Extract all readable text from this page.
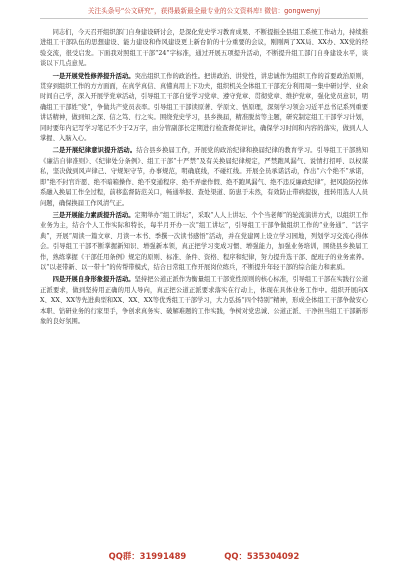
关注头条号“公文研究”，获得最新最全最专业的公文资料库! 微信：gongwenyj

同志们，今天召开组织部门自身建设研讨会，是深化党史学习教育成果、不断提振全县组工系统工作动力，持续推进组工干部队伍的思想建设、能力建设和作风建设更上新台阶的十分重要的会议，刚刚两了XX局、XX办、XX党的经验交流，很受启发。下面我对照组工干部“24”字标准，通过开展五项提升活动，不断提升组工部门自身建设水平，谈谈以下几点意见。

一是开展党性修养提升活动。突出组织工作的政治性。把讲政治、讲党性，讲忠诚作为组织工作的首要政治原则，贯穿到组织工作的方方面面，在真学真信、真懂真用上下功夫，组织机关全体组工干部充分利用周一集中研讨学、业余时间自己学，深入开展学党章活动，引导组工干部自觉学习党章、遵守党章、贯彻党章、维护党章，强化党员意识，明确组工干部姓“党”，争做共产党员表率。引导组工干部读原著、学原文、悟原理，深刻学习领会习近平总书记系列重要讲话精神，做到知之深、信之笃、行之实。围绕党史学习，县乡换届，精准脱贫等主题，研究制定组工干部学习计划，同时要年内记写学习笔记不少于2万字，由分管副部长定期进行检查督促评比，确保学习时间和内容的落实，做到人人掌握、入脑入心。

二是开展纪律意识提升活动。结合县乡换届工作，开展党的政治纪律和换届纪律的教育学习。引导组工干部熟知《廉洁自律准则》、《纪律处分条例》、组工干部“十严禁”及有关换届纪律规定，严禁跑风漏气、说情打招呼、以权谋私，坚决做到风声律己、守规矩守节，办事规范，明确底线，不碰红线。开展全员承诺活动，作出“六个绝不”承诺，即“绝不封官许愿、绝不暗箱操作、绝不变通程序、绝不弄虚作假、绝不跑风漏气、绝不违反廉政纪律”，把风险防控体系融入换届工作全过程，前移监督防范关口，畅通举报、查处渠道、防患于未然，有效防止带病提拔，扭转用选人人员问题，确保换届工作风清气正。

三是开展能力素质提升活动。定期举办“组工讲坛”，采取“人人上讲坛、个个当老师”的轮流演讲方式，以组织工作业务为主，结合个人工作实际和特长，每半月开办一次“组工讲坛”，引导组工干部争做组织工作的“业务通”、“活字典”，开展“周读一篇文章、月读一本书、季撰一次读书感悟”活动，并在党建网上设立学习园地，列划学习交流心得体会。引导组工干部不断掌握新知识、增强新本领，真正把学习变成习惯、增强能力，加强业务培训，围绕县乡换届工作，熟练掌握《干部任用条例》规定的原则、标准、条件、资格、程序和纪律，努力提升选干部、配班子的业务素养。以“以老带新、以一带十”的传帮带模式，结合日常组工作开展岗位练兵，不断提升年轻干部的综合能力和素质。

四是开展自身形象提升活动。坚持把公道正派作为衡量组工干部党性原则的核心标准，引导组工干部在实践行公道正派要求，做到坚持用正确的用人导向，真正把公道正派要求落实在行动上，体现在具体业务工作中。组织开展向XX、XX、XX等先进典型和XX、XX、XX等优秀组工干部学习，大力弘扬“四个特别”精神，形成全体组工干部争做安心本职、钻研业务的行家里手，争创求真务实、破解难题的工作实践，争树对党忠诚、公道正派、干净担当组工干部新形象的良好氛围。

QQ群：31991489	QQ：535304092
